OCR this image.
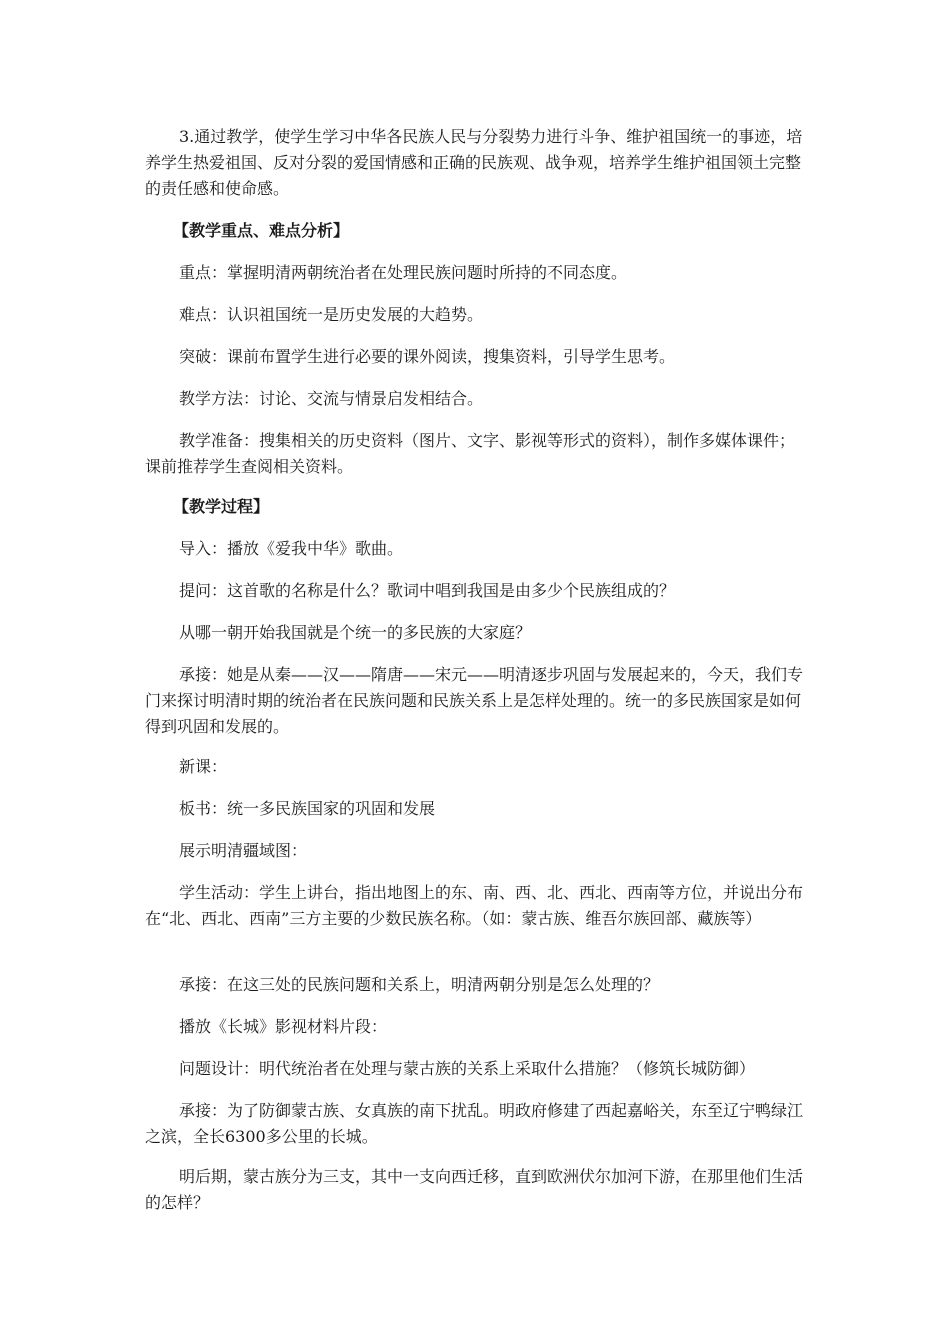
3.通过教学，使学生学习中华各民族人民与分裂势力进行斗争、维护祖国统一的事迹，培养学生热爱祖国、反对分裂的爱国情感和正确的民族观、战争观，培养学生维护祖国领土完整的责任感和使命感。

【教学重点、难点分析】

重点：掌握明清两朝统治者在处理民族问题时所持的不同态度。

难点：认识祖国统一是历史发展的大趋势。

突破：课前布置学生进行必要的课外阅读，搜集资料，引导学生思考。

教学方法：讨论、交流与情景启发相结合。

教学准备：搜集相关的历史资料（图片、文字、影视等形式的资料），制作多媒体课件；课前推荐学生查阅相关资料。

【教学过程】

导入：播放《爱我中华》歌曲。

提问：这首歌的名称是什么？歌词中唱到我国是由多少个民族组成的？

从哪一朝开始我国就是个统一的多民族的大家庭？

承接：她是从秦——汉——隋唐——宋元——明清逐步巩固与发展起来的，今天，我们专门来探讨明清时期的统治者在民族问题和民族关系上是怎样处理的。统一的多民族国家是如何得到巩固和发展的。

新课：

板书：统一多民族国家的巩固和发展

展示明清疆域图：

学生活动：学生上讲台，指出地图上的东、南、西、北、西北、西南等方位，并说出分布在“北、西北、西南”三方主要的少数民族名称。（如：蒙古族、维吾尔族回部、藏族等）

承接：在这三处的民族问题和关系上，明清两朝分别是怎么处理的？

播放《长城》影视材料片段：

问题设计：明代统治者在处理与蒙古族的关系上采取什么措施？（修筑长城防御）

承接：为了防御蒙古族、女真族的南下扰乱。明政府修建了西起嘉峪关，东至辽宁鸭绿江之滨，全长6300多公里的长城。

明后期，蒙古族分为三支，其中一支向西迁移，直到欧洲伏尔加河下游，在那里他们生活的怎样？
